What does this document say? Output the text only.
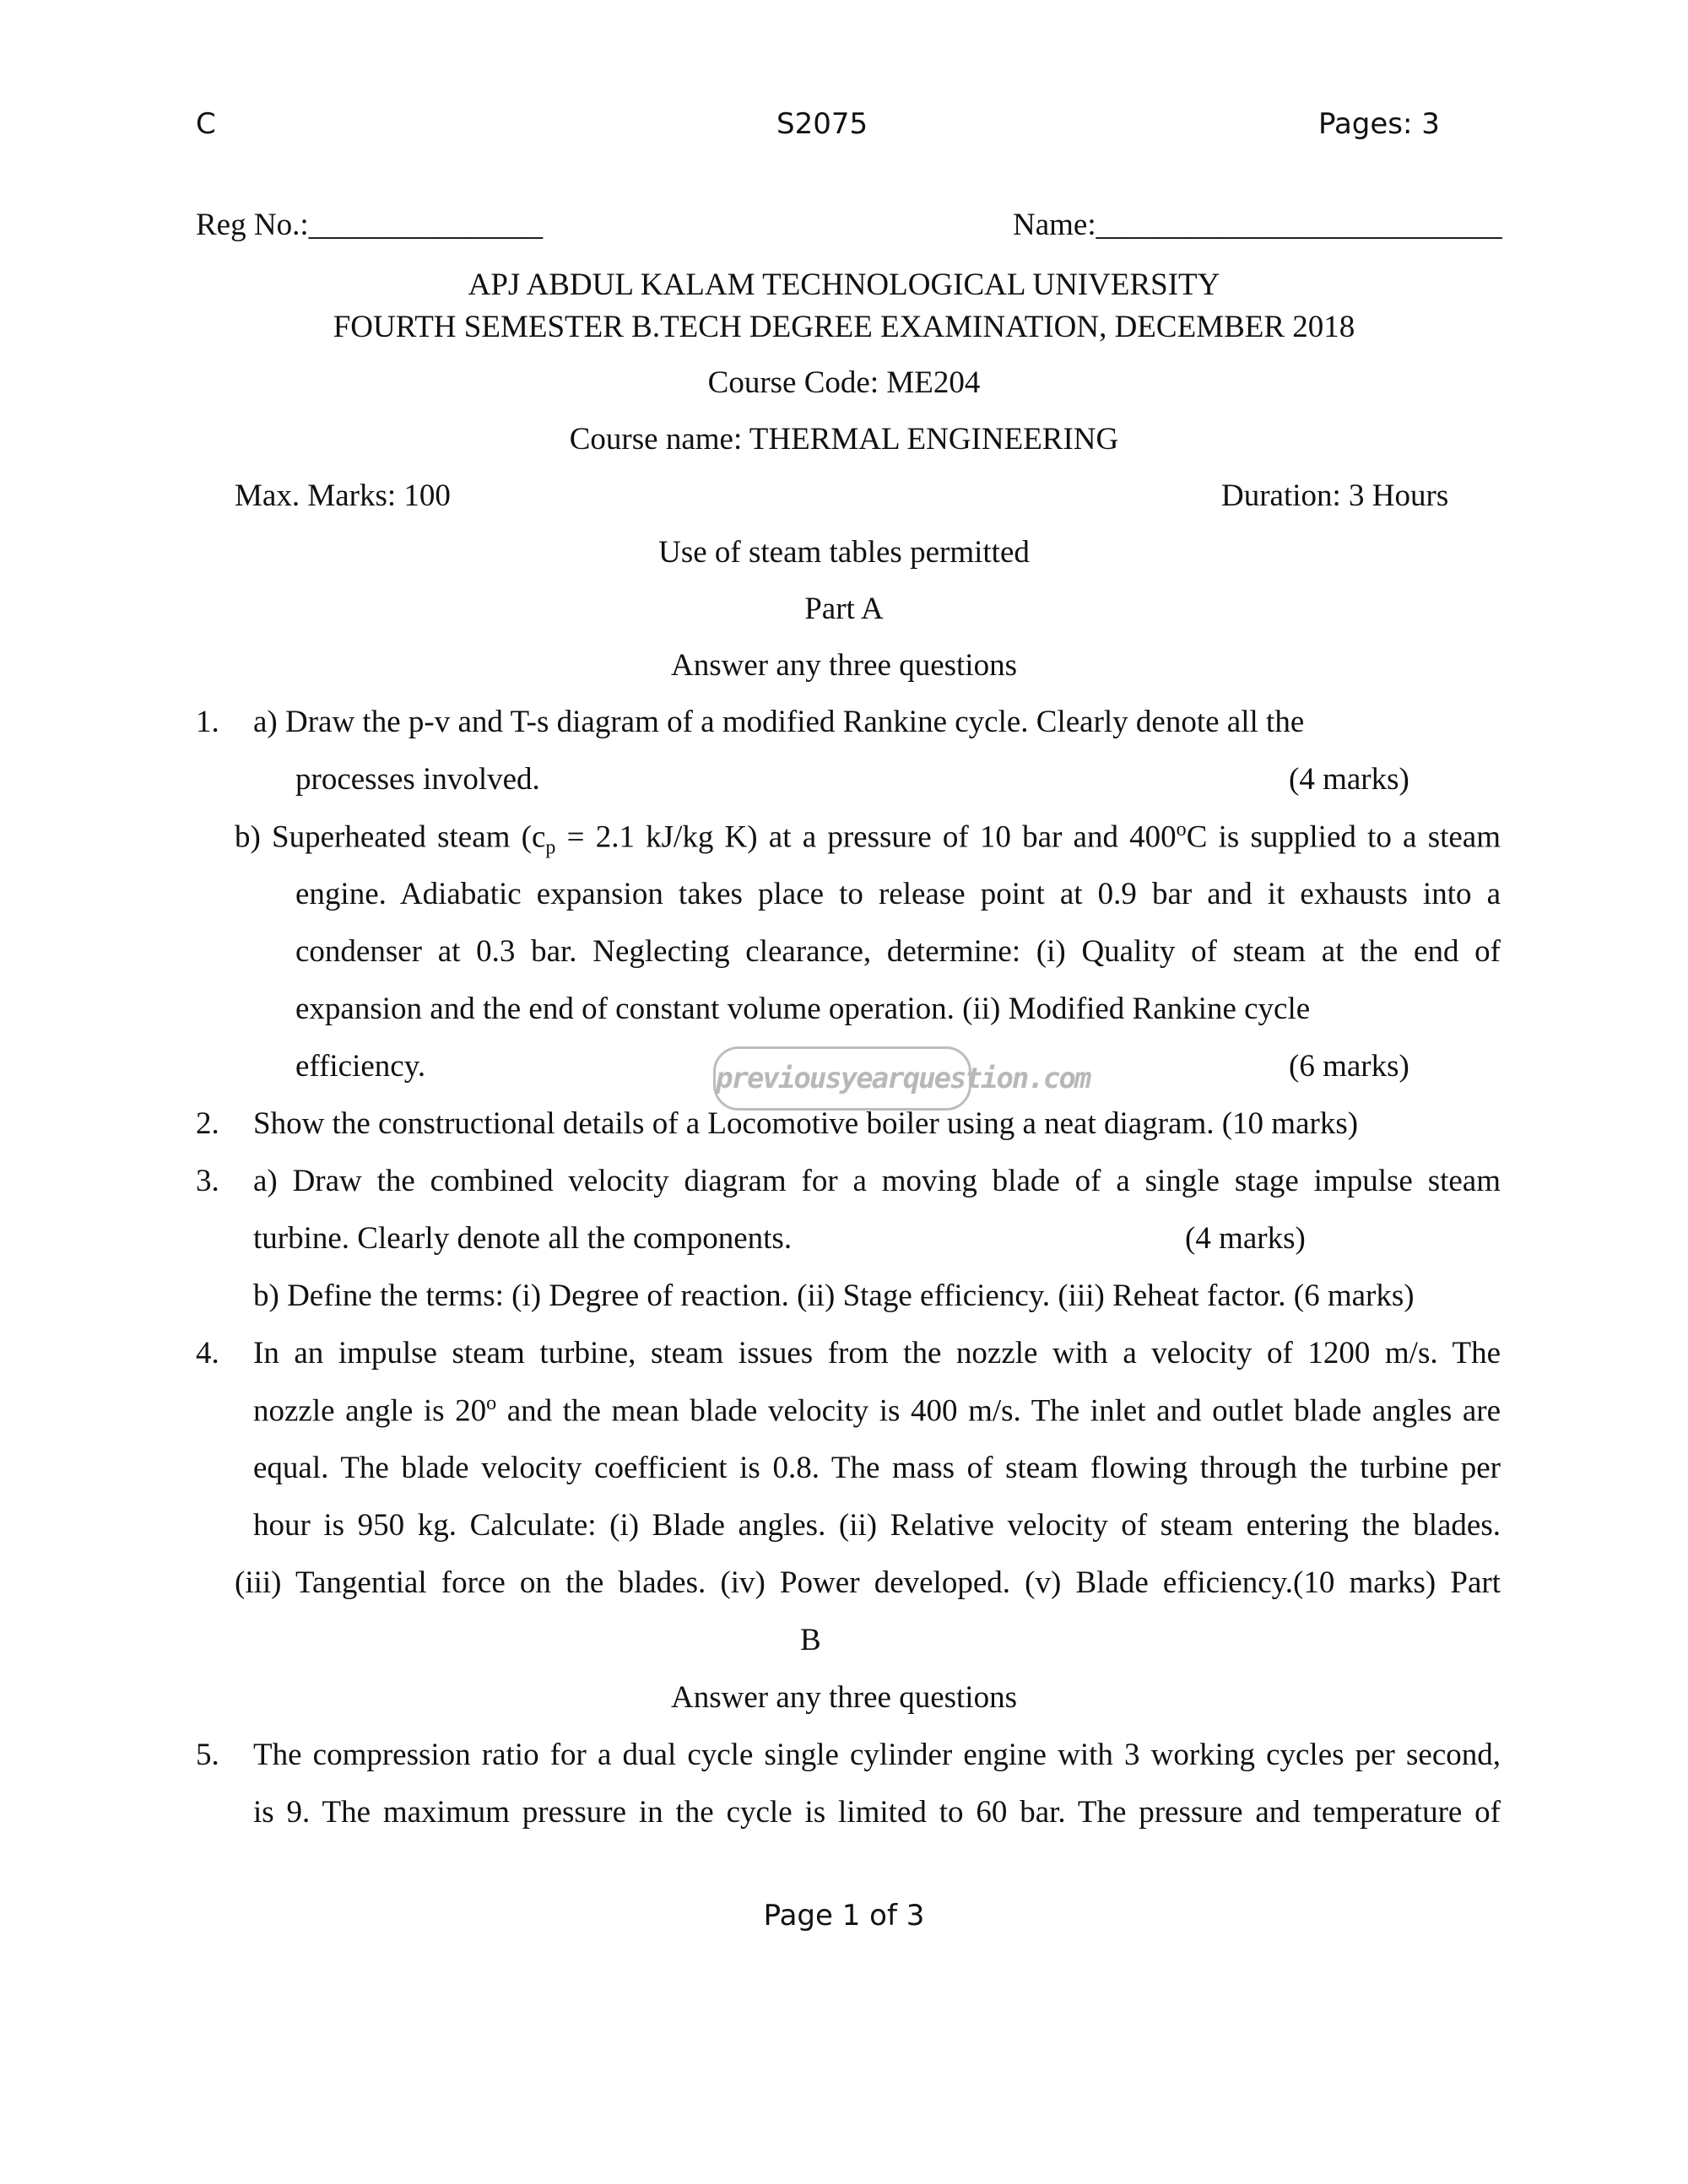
C	S2075	Pages: 3
Reg No.:_______________	Name:__________________________
APJ ABDUL KALAM TECHNOLOGICAL UNIVERSITY
FOURTH SEMESTER B.TECH DEGREE EXAMINATION, DECEMBER 2018
Course Code: ME204
Course name: THERMAL ENGINEERING
Max. Marks: 100	Duration: 3 Hours
Use of steam tables permitted
Part A
Answer any three questions
1. a) Draw the p-v and T-s diagram of a modified Rankine cycle. Clearly denote all the
processes involved.	(4 marks)
b) Superheated steam ($c_p = 2.1$ kJ/kg K) at a pressure of 10 bar and 400$^o$C is supplied to a steam
engine. Adiabatic expansion takes place to release point at 0.9 bar and it exhausts into a
condenser at 0.3 bar. Neglecting clearance, determine: (i) Quality of steam at the end of
expansion and the end of constant volume operation. (ii) Modified Rankine cycle
efficiency.	(6 marks)
previousyearquestion.com
2. Show the constructional details of a Locomotive boiler using a neat diagram. (10 marks)
3. a) Draw the combined velocity diagram for a moving blade of a single stage impulse steam
turbine. Clearly denote all the components.	(4 marks)
b) Define the terms: (i) Degree of reaction. (ii) Stage efficiency. (iii) Reheat factor. (6 marks)
4. In an impulse steam turbine, steam issues from the nozzle with a velocity of 1200 m/s. The
nozzle angle is 20$^o$ and the mean blade velocity is 400 m/s. The inlet and outlet blade angles are
equal. The blade velocity coefficient is 0.8. The mass of steam flowing through the turbine per
hour is 950 kg. Calculate: (i) Blade angles. (ii) Relative velocity of steam entering the blades.
(iii) Tangential force on the blades. (iv) Power developed. (v) Blade efficiency.(10 marks) Part
B
Answer any three questions
5. The compression ratio for a dual cycle single cylinder engine with 3 working cycles per second,
is 9. The maximum pressure in the cycle is limited to 60 bar. The pressure and temperature of
Page 1 of 3
